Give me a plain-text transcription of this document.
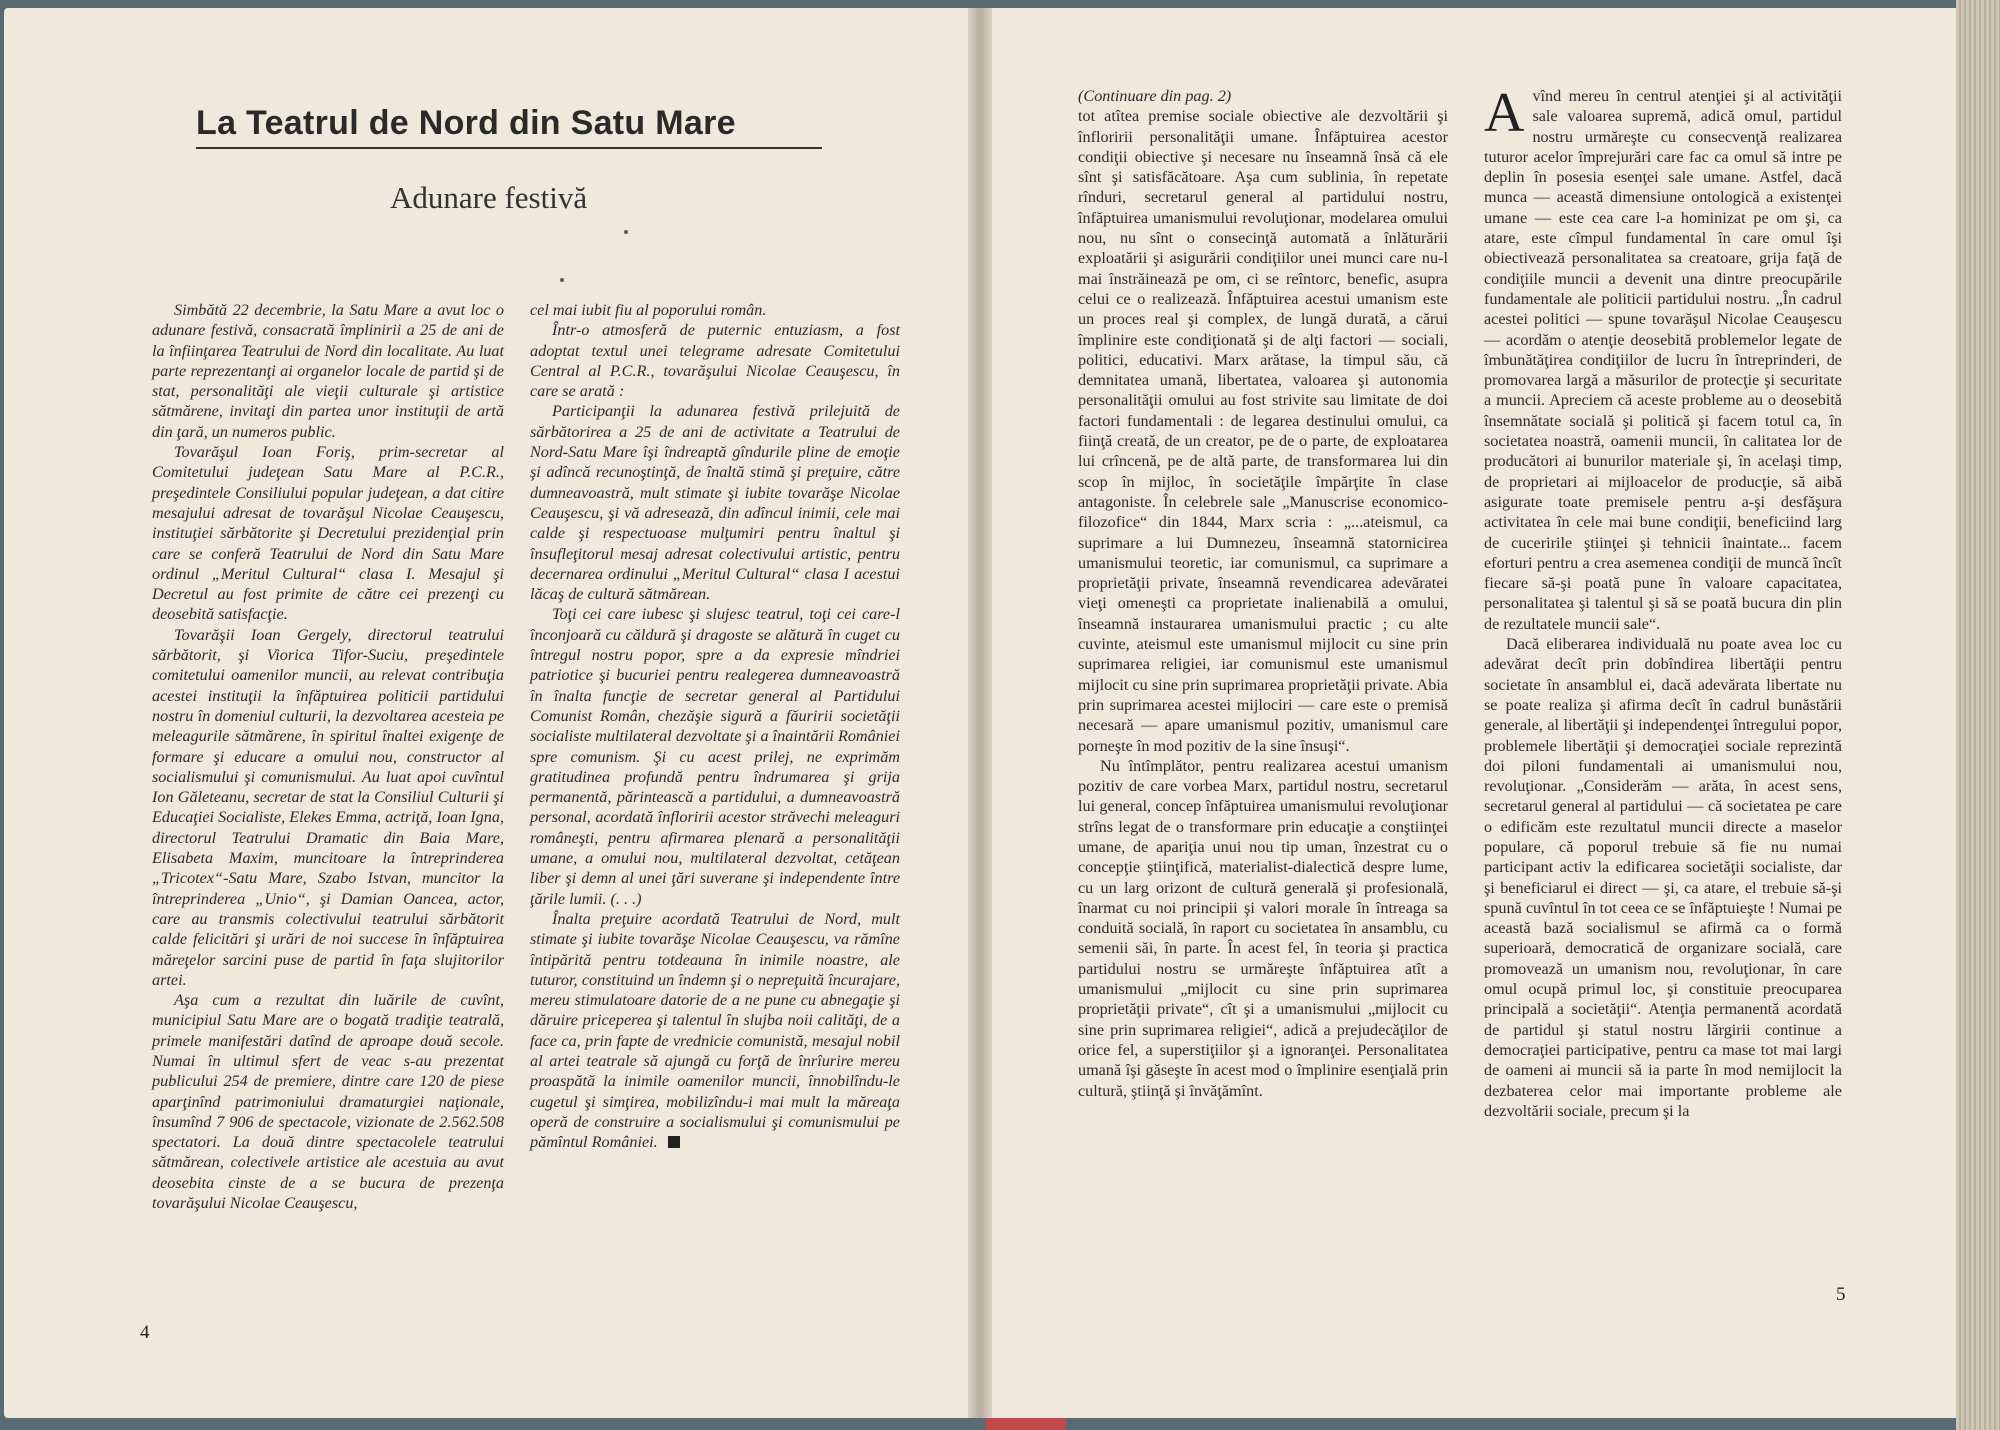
La Teatrul de Nord din Satu Mare
Adunare festivă

Simbătă 22 decembrie, la Satu Mare a avut loc o adunare festivă, consacrată împlinirii a 25 de ani de la înfiinţarea Teatrului de Nord din localitate. Au luat parte reprezentanţi ai organelor locale de partid şi de stat, personalităţi ale vieţii culturale şi artistice sătmărene, invitaţi din partea unor instituţii de artă din ţară, un numeros public.

Tovarăşul Ioan Foriş, prim-secretar al Comitetului judeţean Satu Mare al P.C.R., preşedintele Consiliului popular judeţean, a dat citire mesajului adresat de tovarăşul Nicolae Ceauşescu, instituţiei sărbătorite şi Decretului prezidenţial prin care se conferă Teatrului de Nord din Satu Mare ordinul „Meritul Cultural“ clasa I. Mesajul şi Decretul au fost primite de către cei prezenţi cu deosebită satisfacţie.

Tovarăşii Ioan Gergely, directorul teatrului sărbătorit, şi Viorica Tifor-Suciu, preşedintele comitetului oamenilor muncii, au relevat contribuţia acestei instituţii la înfăptuirea politicii partidului nostru în domeniul culturii, la dezvoltarea acesteia pe meleagurile sătmărene, în spiritul înaltei exigenţe de formare şi educare a omului nou, constructor al socialismului şi comunismului. Au luat apoi cuvîntul Ion Găleteanu, secretar de stat la Consiliul Culturii şi Educaţiei Socialiste, Elekes Emma, actriţă, Ioan Igna, directorul Teatrului Dramatic din Baia Mare, Elisabeta Maxim, muncitoare la întreprinderea „Tricotex“-Satu Mare, Szabo Istvan, muncitor la întreprinderea „Unio“, şi Damian Oancea, actor, care au transmis colectivului teatrului sărbătorit calde felicitări şi urări de noi succese în înfăptuirea măreţelor sarcini puse de partid în faţa slujitorilor artei.

Aşa cum a rezultat din luările de cuvînt, municipiul Satu Mare are o bogată tradiţie teatrală, primele manifestări datînd de aproape două secole. Numai în ultimul sfert de veac s-au prezentat publicului 254 de premiere, dintre care 120 de piese aparţinînd patrimoniului dramaturgiei naţionale, însumînd 7 906 de spectacole, vizionate de 2.562.508 spectatori. La două dintre spectacolele teatrului sătmărean, colectivele artistice ale acestuia au avut deosebita cinste de a se bucura de prezenţa tovarăşului Nicolae Ceauşescu,

cel mai iubit fiu al poporului român.

Într-o atmosferă de puternic entuziasm, a fost adoptat textul unei telegrame adresate Comitetului Central al P.C.R., tovarăşului Nicolae Ceauşescu, în care se arată :

Participanţii la adunarea festivă prilejuită de sărbătorirea a 25 de ani de activitate a Teatrului de Nord-Satu Mare îşi îndreaptă gîndurile pline de emoţie şi adîncă recunoştinţă, de înaltă stimă şi preţuire, către dumneavoastră, mult stimate şi iubite tovarăşe Nicolae Ceauşescu, şi vă adresează, din adîncul inimii, cele mai calde şi respectuoase mulţumiri pentru înaltul şi însufleţitorul mesaj adresat colectivului artistic, pentru decernarea ordinului „Meritul Cultural“ clasa I acestui lăcaş de cultură sătmărean.

Toţi cei care iubesc şi slujesc teatrul, toţi cei care-l înconjoară cu căldură şi dragoste se alătură în cuget cu întregul nostru popor, spre a da expresie mîndriei patriotice şi bucuriei pentru realegerea dumneavoastră în înalta funcţie de secretar general al Partidului Comunist Român, chezăşie sigură a făuririi societăţii socialiste multilateral dezvoltate şi a înaintării României spre comunism. Şi cu acest prilej, ne exprimăm gratitudinea profundă pentru îndrumarea şi grija permanentă, părintească a partidului, a dumneavoastră personal, acordată înfloririi acestor străvechi meleaguri româneşti, pentru afirmarea plenară a personalităţii umane, a omului nou, multilateral dezvoltat, cetăţean liber şi demn al unei ţări suverane şi independente între ţările lumii. (. . .)

Înalta preţuire acordată Teatrului de Nord, mult stimate şi iubite tovarăşe Nicolae Ceauşescu, va rămîne întipărită pentru totdeauna în inimile noastre, ale tuturor, constituind un îndemn şi o nepreţuită încurajare, mereu stimulatoare datorie de a ne pune cu abnegaţie şi dăruire priceperea şi talentul în slujba noii calităţi, de a face ca, prin fapte de vrednicie comunistă, mesajul nobil al artei teatrale să ajungă cu forţă de înrîurire mereu proaspătă la inimile oamenilor muncii, înnobilîndu-le cugetul şi simţirea, mobilizîndu-i mai mult la măreaţa operă de construire a socialismului şi comunismului pe pămîntul României.

4

(Continuare din pag. 2)

tot atîtea premise sociale obiective ale dezvoltării şi înfloririi personalităţii umane. Înfăptuirea acestor condiţii obiective şi necesare nu înseamnă însă că ele sînt şi satisfăcătoare. Aşa cum sublinia, în repetate rînduri, secretarul general al partidului nostru, înfăptuirea umanismului revoluţionar, modelarea omului nou, nu sînt o consecinţă automată a înlăturării exploatării şi asigurării condiţiilor unei munci care nu-l mai înstrăinează pe om, ci se reîntorc, benefic, asupra celui ce o realizează. Înfăptuirea acestui umanism este un proces real şi complex, de lungă durată, a cărui împlinire este condiţionată şi de alţi factori — sociali, politici, educativi. Marx arătase, la timpul său, că demnitatea umană, libertatea, valoarea şi autonomia personalităţii omului au fost strivite sau limitate de doi factori fundamentali : de legarea destinului omului, ca fiinţă creată, de un creator, pe de o parte, de exploatarea lui crîncenă, pe de altă parte, de transformarea lui din scop în mijloc, în societăţile împărţite în clase antagoniste. În celebrele sale „Manuscrise economico-filozofice“ din 1844, Marx scria : „...ateismul, ca suprimare a lui Dumnezeu, înseamnă statornicirea umanismului teoretic, iar comunismul, ca suprimare a proprietăţii private, înseamnă revendicarea adevăratei vieţi omeneşti ca proprietate inalienabilă a omului, înseamnă instaurarea umanismului practic ; cu alte cuvinte, ateismul este umanismul mijlocit cu sine prin suprimarea religiei, iar comunismul este umanismul mijlocit cu sine prin suprimarea proprietăţii private. Abia prin suprimarea acestei mijlociri — care este o premisă necesară — apare umanismul pozitiv, umanismul care porneşte în mod pozitiv de la sine însuşi“.

Nu întîmplător, pentru realizarea acestui umanism pozitiv de care vorbea Marx, partidul nostru, secretarul lui general, concep înfăptuirea umanismului revoluţionar strîns legat de o transformare prin educaţie a conştiinţei umane, de apariţia unui nou tip uman, înzestrat cu o concepţie ştiinţifică, materialist-dialectică despre lume, cu un larg orizont de cultură generală şi profesională, înarmat cu noi principii şi valori morale în întreaga sa conduită socială, în raport cu societatea în ansamblu, cu semenii săi, în parte. În acest fel, în teoria şi practica partidului nostru se urmăreşte înfăptuirea atît a umanismului „mijlocit cu sine prin suprimarea proprietăţii private“, cît şi a umanismului „mijlocit cu sine prin suprimarea religiei“, adică a prejudecăţilor de orice fel, a superstiţiilor şi a ignoranţei. Personalitatea umană îşi găseşte în acest mod o împlinire esenţială prin cultură, ştiinţă şi învăţămînt.

Avînd mereu în centrul atenţiei şi al activităţii sale valoarea supremă, adică omul, partidul nostru urmăreşte cu consecvenţă realizarea tuturor acelor împrejurări care fac ca omul să intre pe deplin în posesia esenţei sale umane. Astfel, dacă munca — această dimensiune ontologică a existenţei umane — este cea care l-a hominizat pe om şi, ca atare, este cîmpul fundamental în care omul îşi obiectivează personalitatea sa creatoare, grija faţă de condiţiile muncii a devenit una dintre preocupările fundamentale ale politicii partidului nostru. „În cadrul acestei politici — spune tovarăşul Nicolae Ceauşescu — acordăm o atenţie deosebită problemelor legate de îmbunătăţirea condiţiilor de lucru în întreprinderi, de promovarea largă a măsurilor de protecţie şi securitate a muncii. Apreciem că aceste probleme au o deosebită însemnătate socială şi politică şi facem totul ca, în societatea noastră, oamenii muncii, în calitatea lor de producători ai bunurilor materiale şi, în acelaşi timp, de proprietari ai mijloacelor de producţie, să aibă asigurate toate premisele pentru a-şi desfăşura activitatea în cele mai bune condiţii, beneficiind larg de cuceririle ştiinţei şi tehnicii înaintate... facem eforturi pentru a crea asemenea condiţii de muncă încît fiecare să-şi poată pune în valoare capacitatea, personalitatea şi talentul şi să se poată bucura din plin de rezultatele muncii sale“.

Dacă eliberarea individuală nu poate avea loc cu adevărat decît prin dobîndirea libertăţii pentru societate în ansamblul ei, dacă adevărata libertate nu se poate realiza şi afirma decît în cadrul bunăstării generale, al libertăţii şi independenţei întregului popor, problemele libertăţii şi democraţiei sociale reprezintă doi piloni fundamentali ai umanismului nou, revoluţionar. „Considerăm — arăta, în acest sens, secretarul general al partidului — că societatea pe care o edificăm este rezultatul muncii directe a maselor populare, că poporul trebuie să fie nu numai participant activ la edificarea societăţii socialiste, dar şi beneficiarul ei direct — şi, ca atare, el trebuie să-şi spună cuvîntul în tot ceea ce se înfăptuieşte ! Numai pe această bază socialismul se afirmă ca o formă superioară, democratică de organizare socială, care promovează un umanism nou, revoluţionar, în care omul ocupă primul loc, şi constituie preocuparea principală a societăţii“. Atenţia permanentă acordată de partidul şi statul nostru lărgirii continue a democraţiei participative, pentru ca mase tot mai largi de oameni ai muncii să ia parte în mod nemijlocit la dezbaterea celor mai importante probleme ale dezvoltării sociale, precum şi la

5
